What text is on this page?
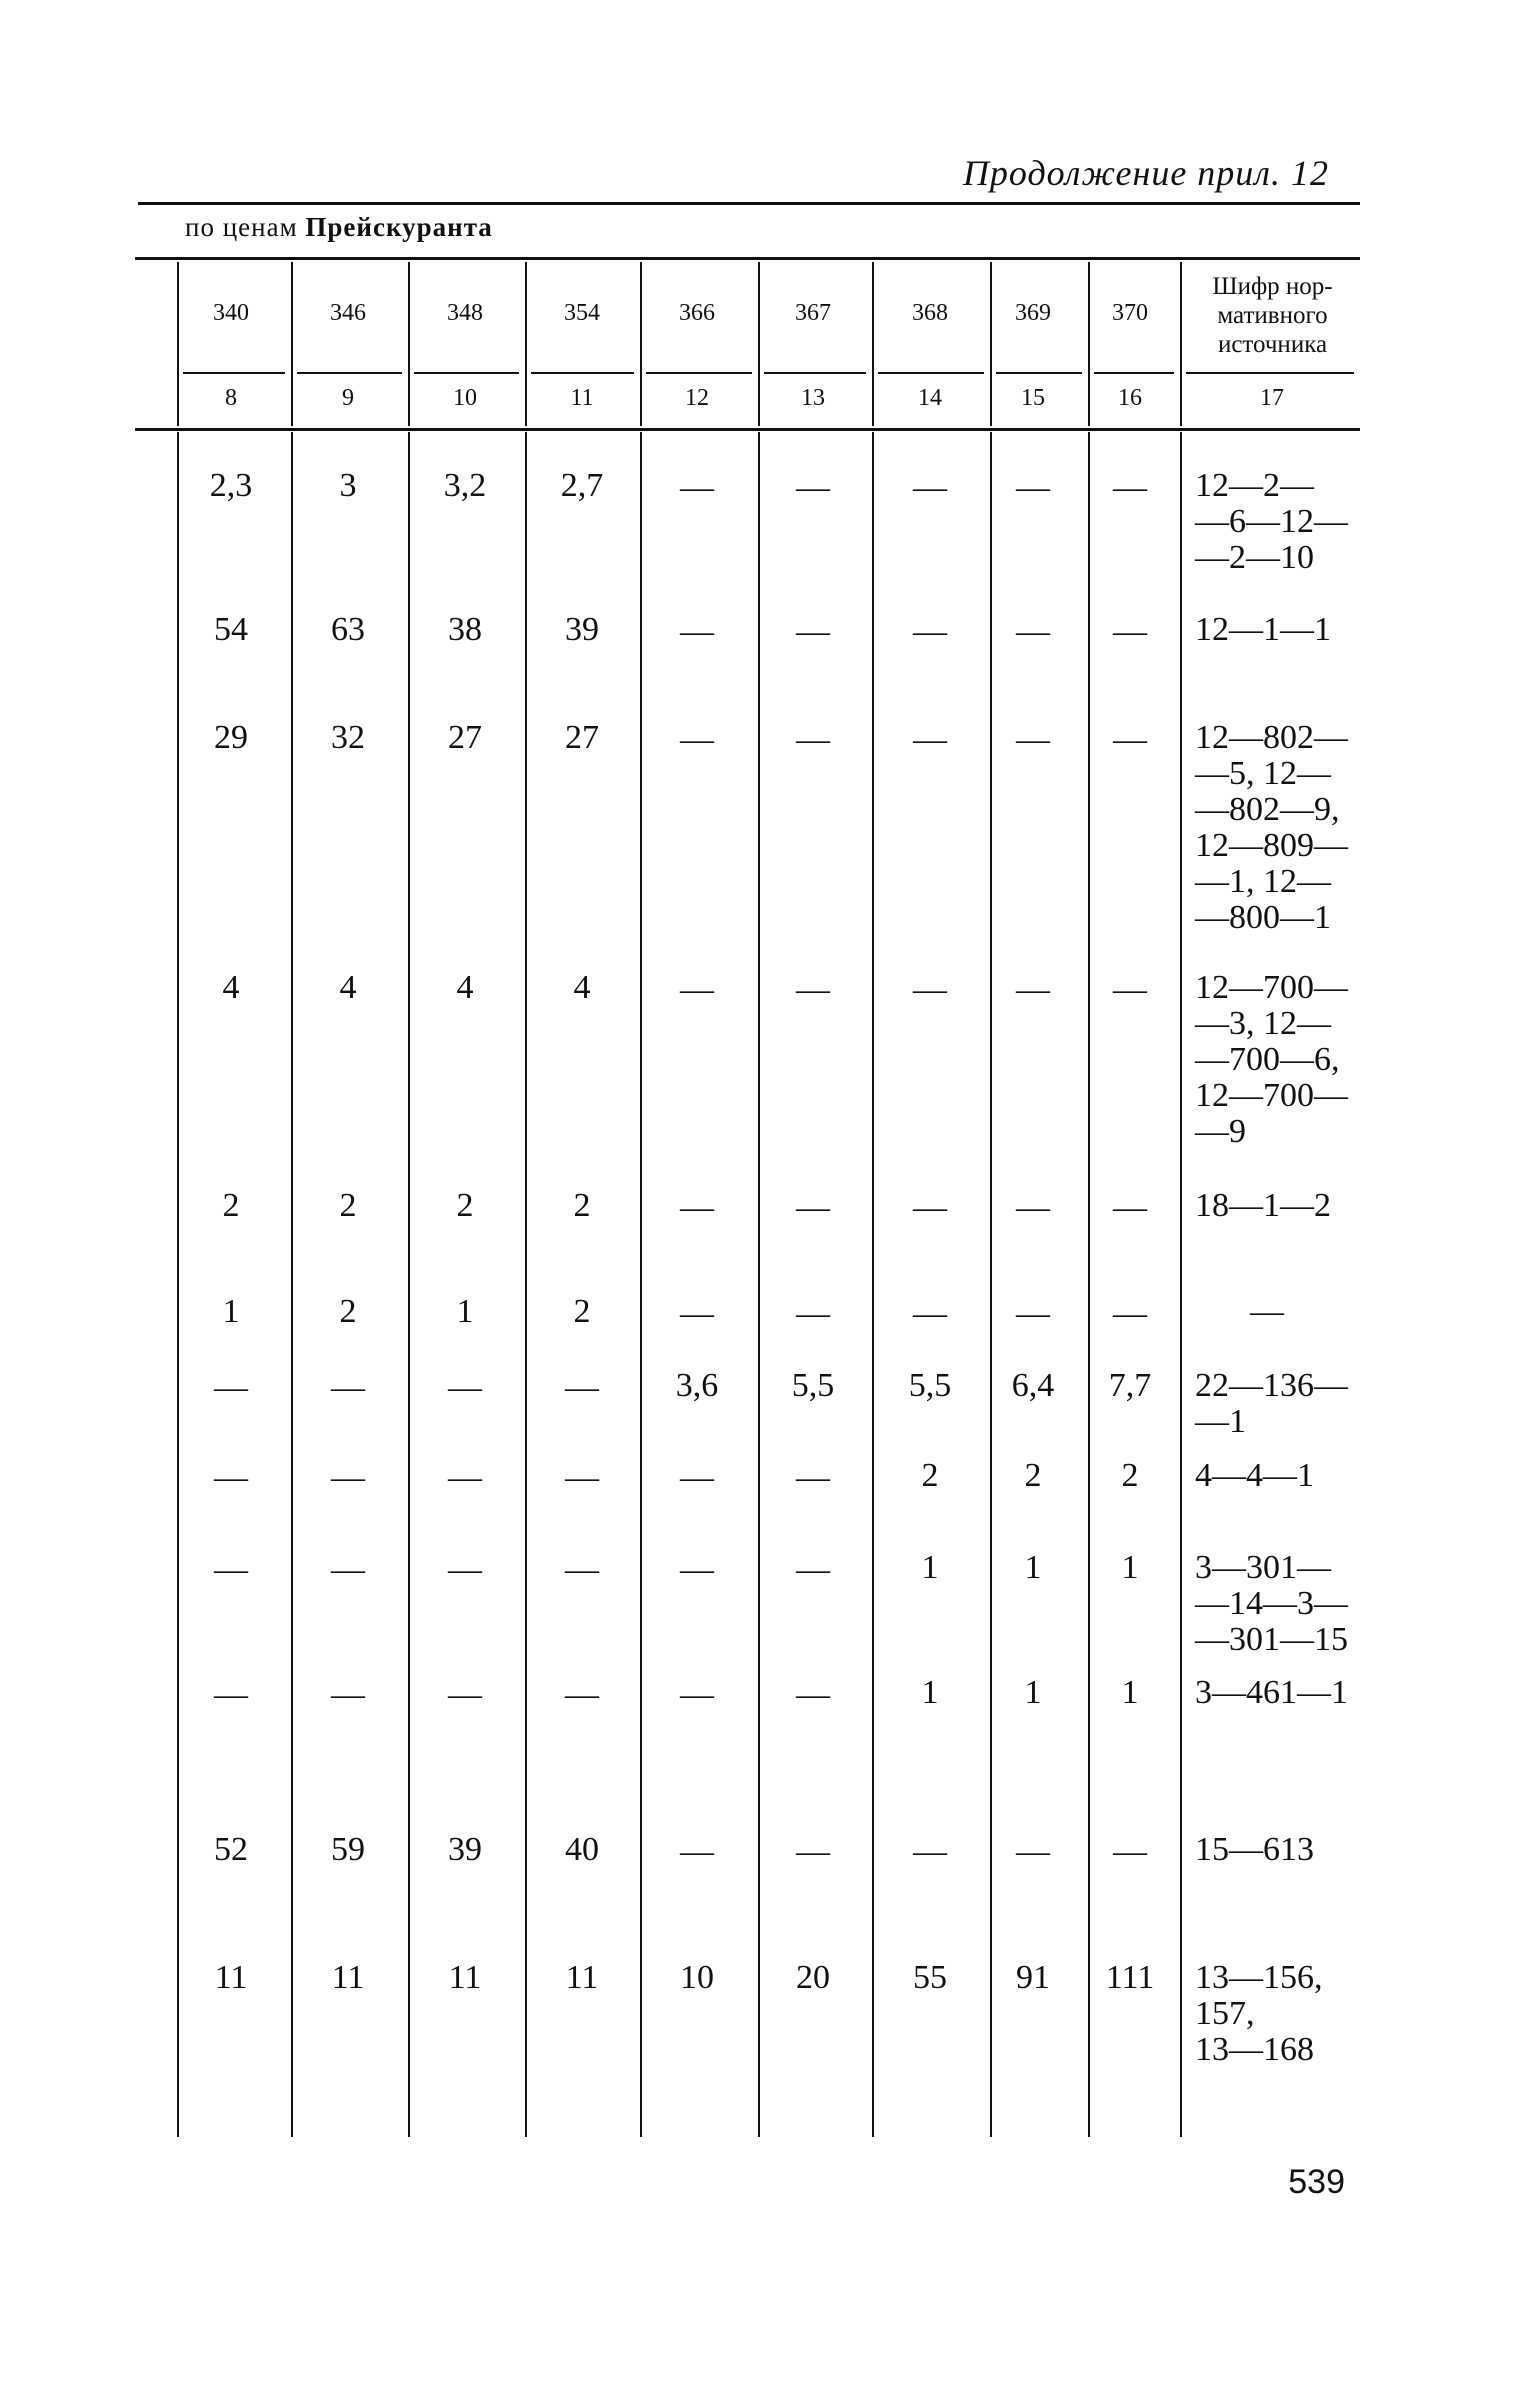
Продолжение прил. 12
по ценам Прейскуранта
340	346	348	354	366	367	368	369	370
Шифр нор-
мативного
источника
8	9	10	11	12	13	14	15	16	17
2,3	3	3,2	2,7	—	—	—	—	—	12—2—
—6—12—
—2—10
54	63	38	39	—	—	—	—	—	12—1—1
29	32	27	27	—	—	—	—	—	12—802—
—5, 12—
—802—9,
12—809—
—1, 12—
—800—1
4	4	4	4	—	—	—	—	—	12—700—
—3, 12—
—700—6,
12—700—
—9
2	2	2	2	—	—	—	—	—	18—1—2
1	2	1	2	—	—	—	—	—	—
—	—	—	—	3,6	5,5	5,5	6,4	7,7	22—136—
—1
—	—	—	—	—	—	2	2	2	4—4—1
—	—	—	—	—	—	1	1	1	3—301—
—14—3—
—301—15
—	—	—	—	—	—	1	1	1	3—461—1
52	59	39	40	—	—	—	—	—	15—613
11	11	11	11	10	20	55	91	111	13—156,
157,
13—168
539
